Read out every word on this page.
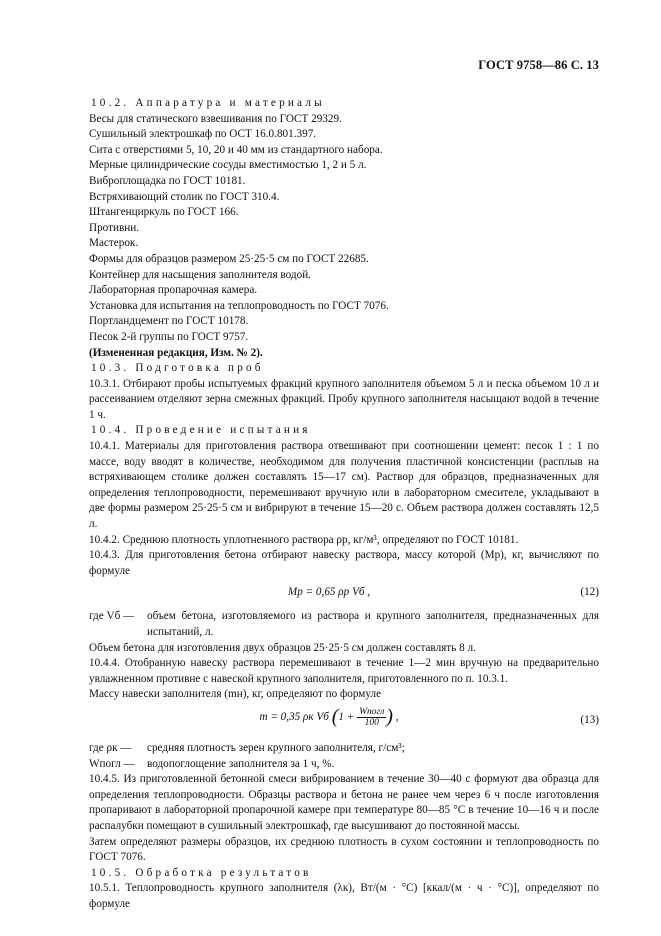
ГОСТ 9758—86 С. 13
10.2. Аппаратура и материалы
Весы для статического взвешивания по ГОСТ 29329.
Сушильный электрошкаф по ОСТ 16.0.801.397.
Сита с отверстиями 5, 10, 20 и 40 мм из стандартного набора.
Мерные цилиндрические сосуды вместимостью 1, 2 и 5 л.
Виброплощадка по ГОСТ 10181.
Встряхивающий столик по ГОСТ 310.4.
Штангенциркуль по ГОСТ 166.
Противни.
Мастерок.
Формы для образцов размером 25·25·5 см по ГОСТ 22685.
Контейнер для насыщения заполнителя водой.
Лабораторная пропарочная камера.
Установка для испытания на теплопроводность по ГОСТ 7076.
Портландцемент по ГОСТ 10178.
Песок 2-й группы по ГОСТ 9757.
(Измененная редакция, Изм. № 2).
10.3. Подготовка проб
10.3.1. Отбирают пробы испытуемых фракций крупного заполнителя объемом 5 л и песка объемом 10 л и рассеиванием отделяют зерна смежных фракций. Пробу крупного заполнителя насыщают водой в течение 1 ч.
10.4. Проведение испытания
10.4.1. Материалы для приготовления раствора отвешивают при соотношении цемент: песок 1 : 1 по массе, воду вводят в количестве, необходимом для получения пластичной консистенции (расплыв на встряхивающем столике должен составлять 15—17 см). Раствор для образцов, предназначенных для определения теплопроводности, перемешивают вручную или в лабораторном смесителе, укладывают в две формы размером 25·25·5 см и вибрируют в течение 15—20 с. Объем раствора должен составлять 12,5 л.
10.4.2. Среднюю плотность уплотненного раствора ρр, кг/м³, определяют по ГОСТ 10181.
10.4.3. Для приготовления бетона отбирают навеску раствора, массу которой (Mр), кг, вычисляют по формуле
Mр = 0,65 ρр Vб ,	(12)
где Vб —	объем бетона, изготовляемого из раствора и крупного заполнителя, предназначенных для испытаний, л.
Объем бетона для изготовления двух образцов 25·25·5 см должен составлять 8 л.
10.4.4. Отобранную навеску раствора перемешивают в течение 1—2 мин вручную на предварительно увлажненном противне с навеской крупного заполнителя, приготовленного по п. 10.3.1.
Массу навески заполнителя (mн), кг, определяют по формуле
m = 0,35 ρк Vб ($1 + \frac{\text{Wпогл}}{100}$ ) ,	(13)
где ρк —	средняя плотность зерен крупного заполнителя, г/см³;
Wпогл —	водопоглощение заполнителя за 1 ч, %.
10.4.5. Из приготовленной бетонной смеси вибрированием в течение 30—40 с формуют два образца для определения теплопроводности. Образцы раствора и бетона не ранее чем через 6 ч после изготовления пропаривают в лабораторной пропарочной камере при температуре 80—85 °С в течение 10—16 ч и после распалубки помещают в сушильный электрошкаф, где высушивают до постоянной массы.
Затем определяют размеры образцов, их среднюю плотность в сухом состоянии и теплопроводность по ГОСТ 7076.
10.5. Обработка результатов
10.5.1. Теплопроводность крупного заполнителя (λк), Вт/(м · °С) [ккал/(м · ч · °С)], определяют по формуле
